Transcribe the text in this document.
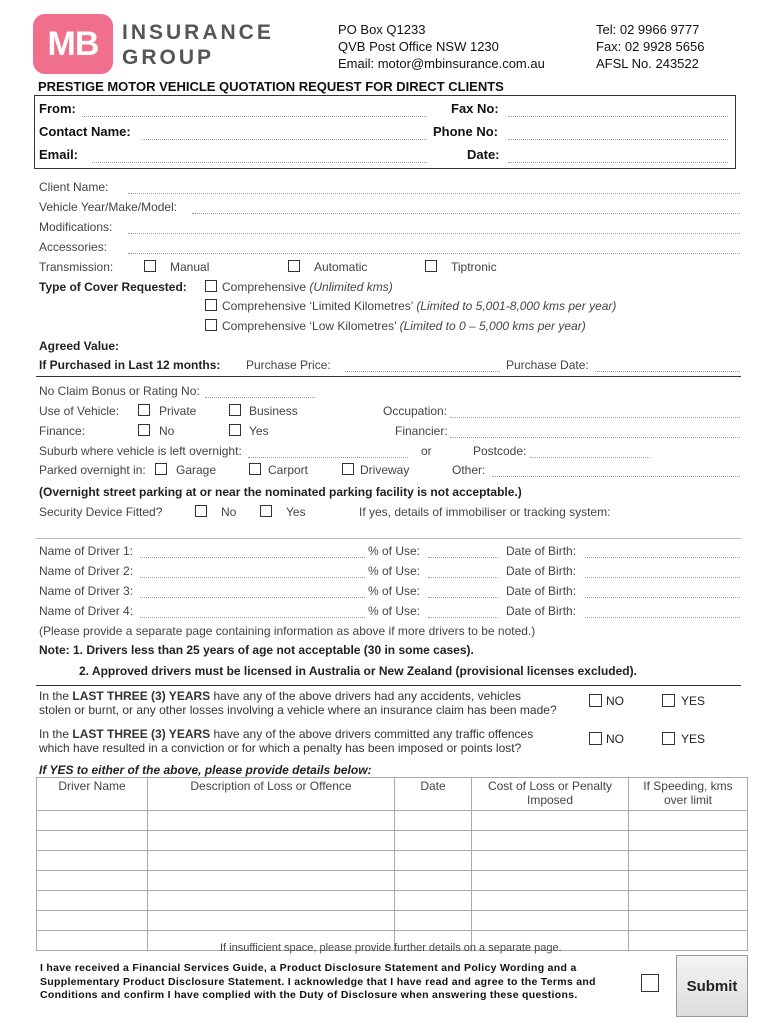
MB INSURANCE
GROUP
PO Box Q1233
QVB Post Office NSW 1230
Email: motor@mbinsurance.com.au
Tel: 02 9966 9777
Fax: 02 9928 5656
AFSL No. 243522
PRESTIGE MOTOR VEHICLE QUOTATION REQUEST FOR DIRECT CLIENTS
From:	Fax No:
Contact Name:	Phone No:
Email:	Date:
Client Name:
Vehicle Year/Make/Model:
Modifications:
Accessories:
Transmission:	Manual	Automatic	Tiptronic
Type of Cover Requested:	Comprehensive (Unlimited kms)
Comprehensive ‘Limited Kilometres’ (Limited to 5,001-8,000 kms per year)
Comprehensive ‘Low Kilometres’ (Limited to 0 – 5,000 kms per year)
Agreed Value:
If Purchased in Last 12 months: Purchase Price:	Purchase Date:
No Claim Bonus or Rating No:
Use of Vehicle:	Private	Business	Occupation:
Finance:	No	Yes	Financier:
Suburb where vehicle is left overnight:	or	Postcode:
Parked overnight in:	Garage	Carport	Driveway	Other:
(Overnight street parking at or near the nominated parking facility is not acceptable.)
Security Device Fitted?	No	Yes	If yes, details of immobiliser or tracking system:
Name of Driver 1:	% of Use:	Date of Birth:
Name of Driver 2:	% of Use:	Date of Birth:
Name of Driver 3:	% of Use:	Date of Birth:
Name of Driver 4:	% of Use:	Date of Birth:
(Please provide a separate page containing information as above if more drivers to be noted.)
Note: 1. Drivers less than 25 years of age not acceptable (30 in some cases).
2. Approved drivers must be licensed in Australia or New Zealand (provisional licenses excluded).
In the LAST THREE (3) YEARS have any of the above drivers had any accidents, vehicles
stolen or burnt, or any other losses involving a vehicle where an insurance claim has been made?
NO	YES
In the LAST THREE (3) YEARS have any of the above drivers committed any traffic offences
which have resulted in a conviction or for which a penalty has been imposed or points lost?
NO	YES
If YES to either of the above, please provide details below:
Driver Name	Description of Loss or Offence	Date	Cost of Loss or Penalty Imposed	If Speeding, kms over limit

If insufficient space, please provide further details on a separate page.
I have received a Financial Services Guide, a Product Disclosure Statement and Policy Wording and a Supplementary Product Disclosure Statement. I acknowledge that I have read and agree to the Terms and Conditions and confirm I have complied with the Duty of Disclosure when answering these questions.
Submit
